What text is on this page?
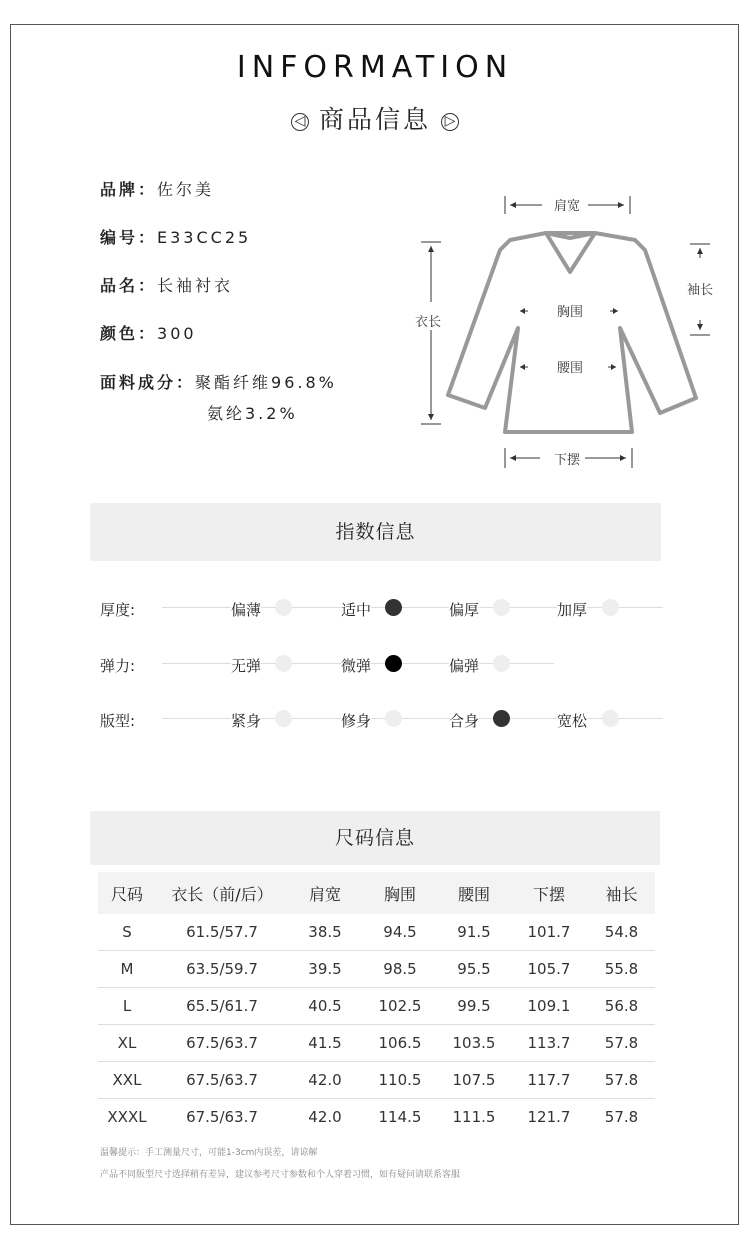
INFORMATION
◁ 商品信息 ▷
品牌：佐尔美
编号：E33CC25
品名：长袖衬衣
颜色：300
面料成分：聚酯纤维96.8%
氨纶3.2%
肩宽
衣长
袖长
胸围
腰围
下摆
指数信息
厚度:	偏薄	适中	偏厚	加厚
弹力:	无弹	微弹	偏弹
版型:	紧身	修身	合身	宽松
尺码信息
尺码	衣长（前/后）	肩宽	胸围	腰围	下摆	袖长
S	61.5/57.7	38.5	94.5	91.5	101.7	54.8
M	63.5/59.7	39.5	98.5	95.5	105.7	55.8
L	65.5/61.7	40.5	102.5	99.5	109.1	56.8
XL	67.5/63.7	41.5	106.5	103.5	113.7	57.8
XXL	67.5/63.7	42.0	110.5	107.5	117.7	57.8
XXXL	67.5/63.7	42.0	114.5	111.5	121.7	57.8
温馨提示：手工测量尺寸，可能1-3cm内误差，请谅解
产品不同版型尺寸选择稍有差异，建议参考尺寸参数和个人穿着习惯，如有疑问请联系客服
